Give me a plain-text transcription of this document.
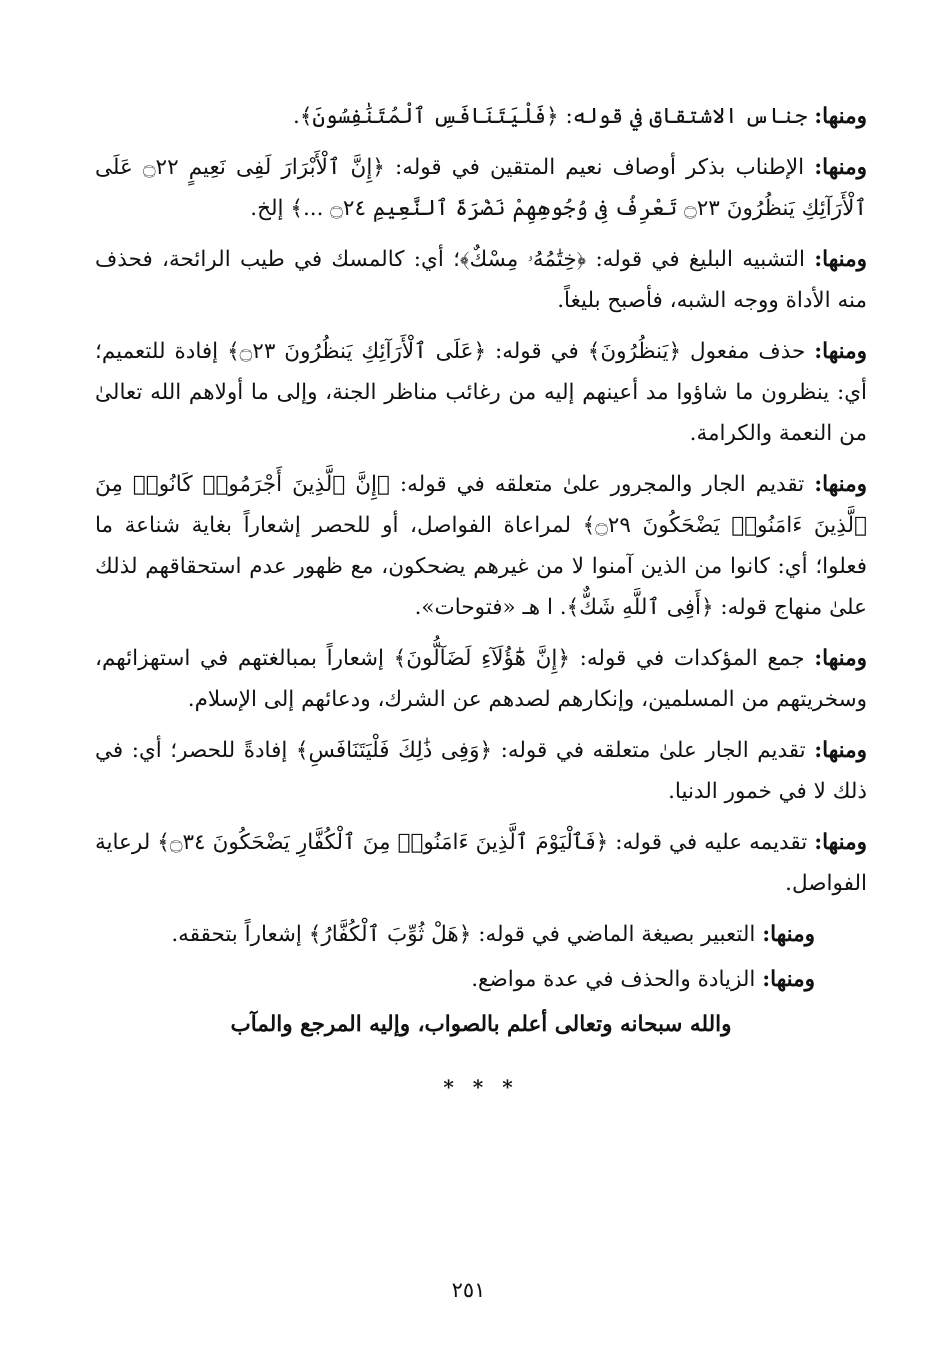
ومنها: جناس الاشتقاق في قوله: ﴿فَلْيَتَنَافَسِ ٱلْمُتَنَٰفِسُونَ﴾.

ومنها: الإطناب بذكر أوصاف نعيم المتقين في قوله: ﴿إِنَّ ٱلْأَبْرَارَ لَفِى نَعِيمٍ ۝٢٢ عَلَى ٱلْأَرَآئِكِ يَنظُرُونَ ۝٢٣ تَعْرِفُ فِى وُجُوهِهِمْ نَضْرَةَ ٱلنَّعِيمِ ۝٢٤ ...﴾ إلخ.

ومنها: التشبيه البليغ في قوله: ﴿خِتَٰمُهُۥ مِسْكٌ﴾؛ أي: كالمسك في طيب الرائحة، فحذف منه الأداة ووجه الشبه، فأصبح بليغاً.

ومنها: حذف مفعول ﴿يَنظُرُونَ﴾ في قوله: ﴿عَلَى ٱلْأَرَآئِكِ يَنظُرُونَ ۝٢٣﴾ إفادة للتعميم؛ أي: ينظرون ما شاؤوا مد أعينهم إليه من رغائب مناظر الجنة، وإلى ما أولاهم الله تعالىٰ من النعمة والكرامة.

ومنها: تقديم الجار والمجرور علىٰ متعلقه في قوله: ﴿إِنَّ ٱلَّذِينَ أَجْرَمُوا۟ كَانُوا۟ مِنَ ٱلَّذِينَ ءَامَنُوا۟ يَضْحَكُونَ ۝٢٩﴾ لمراعاة الفواصل، أو للحصر إشعاراً بغاية شناعة ما فعلوا؛ أي: كانوا من الذين آمنوا لا من غيرهم يضحكون، مع ظهور عدم استحقاقهم لذلك علىٰ منهاج قوله: ﴿أَفِى ٱللَّهِ شَكٌّ﴾. ا هـ «فتوحات».

ومنها: جمع المؤكدات في قوله: ﴿إِنَّ هَٰٓؤُلَآءِ لَضَآلُّونَ﴾ إشعاراً بمبالغتهم في استهزائهم، وسخريتهم من المسلمين، وإنكارهم لصدهم عن الشرك، ودعائهم إلى الإسلام.

ومنها: تقديم الجار علىٰ متعلقه في قوله: ﴿وَفِى ذَٰلِكَ فَلْيَتَنَافَسِ﴾ إفادةً للحصر؛ أي: في ذلك لا في خمور الدنيا.

ومنها: تقديمه عليه في قوله: ﴿فَٱلْيَوْمَ ٱلَّذِينَ ءَامَنُوا۟ مِنَ ٱلْكُفَّارِ يَضْحَكُونَ ۝٣٤﴾ لرعاية الفواصل.

ومنها: التعبير بصيغة الماضي في قوله: ﴿هَلْ ثُوِّبَ ٱلْكُفَّارُ﴾ إشعاراً بتحققه.

ومنها: الزيادة والحذف في عدة مواضع.

والله سبحانه وتعالى أعلم بالصواب، وإليه المرجع والمآب

* * *
٢٥١
